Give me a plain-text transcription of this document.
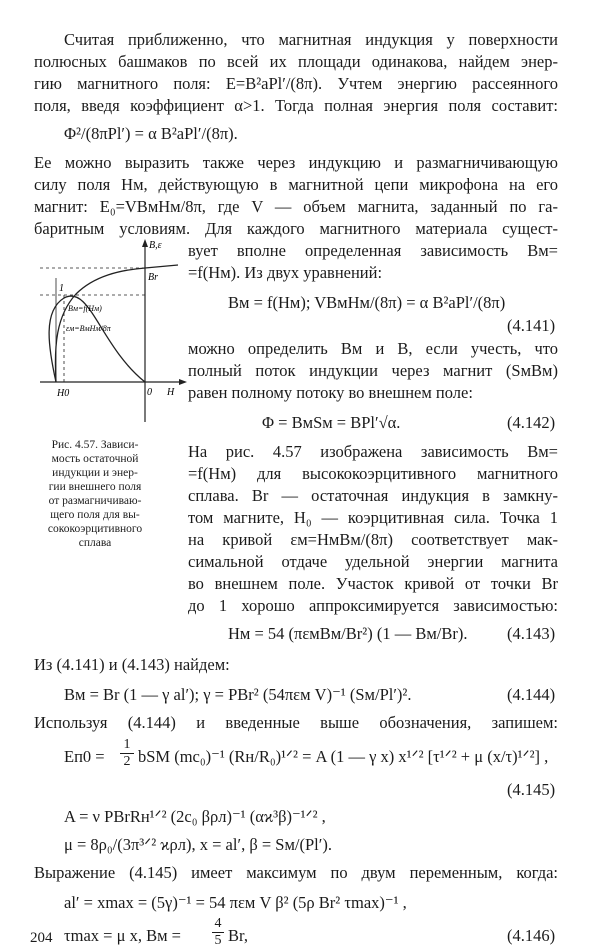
Считая приближенно, что магнитная индукция у поверхности
полюсных башмаков по всей их площади одинакова, найдем энер-
гию магнитного поля: E=B²aPl′/(8π). Учтем энергию рассеянного
поля, введя коэффициент α>1. Тогда полная энергия поля составит:
Φ²/(8πPl′) = α B²aPl′/(8π).
Ее можно выразить также через индукцию и размагничивающую
силу поля Hм, действующую в магнитной цепи микрофона на его
магнит: E₀=VBмHм/8π, где V — объем магнита, заданный по га-
баритным условиям. Для каждого магнитного материала сущест-
B,ε
Br
1
Bм=f(Hм)
εм=BмHм/8π
H0	0 H
Рис. 4.57. Зависи-
мость остаточной
индукции и энер-
гии внешнего поля
от размагничиваю-
щего поля для вы-
сококоэрцитивного
сплава
вует вполне определенная зависимость Bм=
=f(Hм). Из двух уравнений:
Bм = f(Hм); VBмHм/(8π) = α B²aPl′/(8π)
(4.141)
можно определить Bм и B, если учесть, что
полный поток индукции через магнит (SмBм)
равен полному потоку во внешнем поле:
Φ = BмSм = BPl′√α.	(4.142)
На рис. 4.57 изображена зависимость Bм=
=f(Hм) для высококоэрцитивного магнитного
сплава. Br — остаточная индукция в замкну-
том магните, H₀ — коэрцитивная сила. Точка 1
на кривой εм=HмBм/(8π) соответствует мак-
симальной отдаче удельной энергии магнита
во внешнем поле. Участок кривой от точки Br
до 1 хорошо аппроксимируется зависимостью:
Hм = 54 (πεмBм/Br²) (1 — Bм/Br). (4.143)
Из (4.141) и (4.143) найдем:
Bм = Br (1 — γ al′); γ = PBr² (54πεм V)⁻¹ (Sм/Pl′)².	(4.144)
Используя (4.144) и введенные выше обозначения, запишем:
$Eп0 = \frac{1}{2}$ bSM (mc₀)⁻¹ (Rн/R₀)¹ᐟ² = A (1 — γ x) x¹ᐟ² [τ¹ᐟ² + μ (x/τ)¹ᐟ²] ,
(4.145)
A = ν PBrRн¹ᐟ² (2c₀ βρл)⁻¹ (αϰ³β)⁻¹ᐟ² ,
μ = 8ρ₀/(3π³ᐟ² ϰρл), x = al′, β = Sм/(Pl′).
Выражение (4.145) имеет максимум по двум переменным, когда:
al′ = xmax = (5γ)⁻¹ = 54 πεм V β² (5ρ Br² τmax)⁻¹ ,
τmax = μ x, Bм = $\frac{4}{5} Br$,	(4.146)
204
